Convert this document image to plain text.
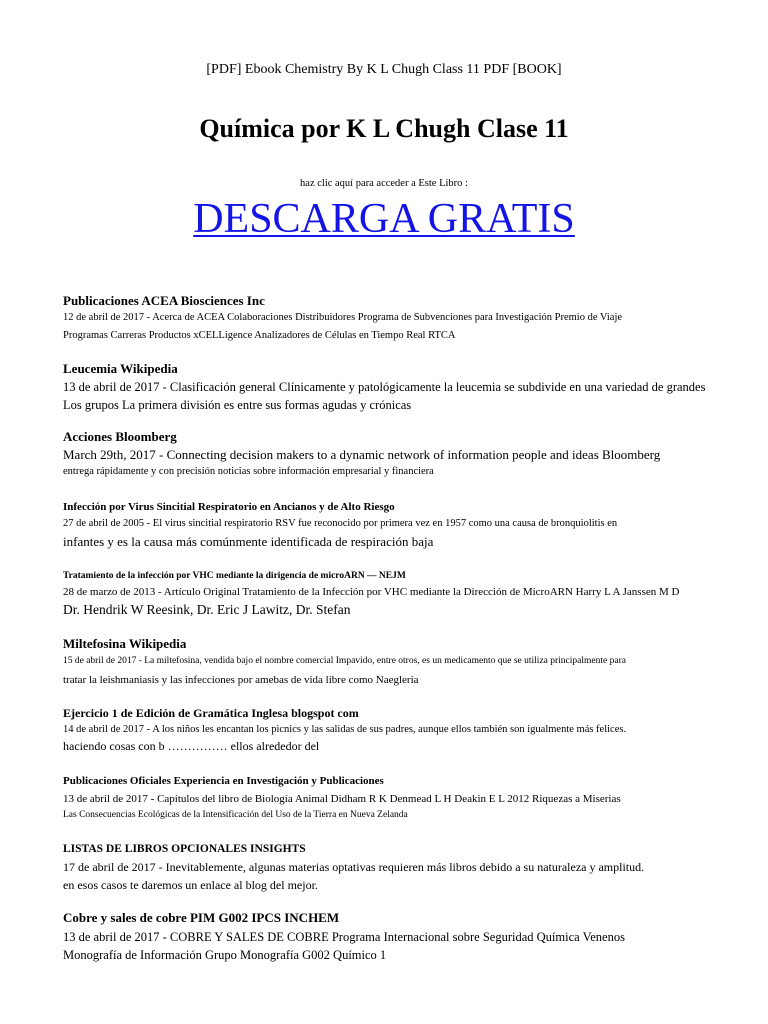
[PDF] Ebook Chemistry By K L Chugh Class 11 PDF [BOOK]
Química por K L Chugh Clase 11
haz clic aquí para acceder a Este Libro :
DESCARGA GRATIS
Publicaciones ACEA Biosciences Inc
12 de abril de 2017 - Acerca de ACEA Colaboraciones Distribuidores Programa de Subvenciones para Investigación Premio de Viaje
Programas Carreras Productos xCELLigence Analizadores de Células en Tiempo Real RTCA
Leucemia Wikipedia
13 de abril de 2017 - Clasificación general Clínicamente y patológicamente la leucemia se subdivide en una variedad de grandes
Los grupos La primera división es entre sus formas agudas y crónicas
Acciones Bloomberg
March 29th, 2017 - Connecting decision makers to a dynamic network of information people and ideas Bloomberg
entrega rápidamente y con precisión noticias sobre información empresarial y financiera
Infección por Virus Sincitial Respiratorio en Ancianos y de Alto Riesgo
27 de abril de 2005 - El virus sincitial respiratorio RSV fue reconocido por primera vez en 1957 como una causa de bronquiolitis en
infantes y es la causa más comúnmente identificada de respiración baja
Tratamiento de la infección por VHC mediante la dirigencia de microARN — NEJM
28 de marzo de 2013 - Artículo Original Tratamiento de la Infección por VHC mediante la Dirección de MicroARN Harry L A Janssen M D
Dr. Hendrik W Reesink, Dr. Eric J Lawitz, Dr. Stefan
Miltefosina Wikipedia
15 de abril de 2017 - La miltefosina, vendida bajo el nombre comercial Impavido, entre otros, es un medicamento que se utiliza principalmente para
tratar la leishmaniasis y las infecciones por amebas de vida libre como Naegleria
Ejercicio 1 de Edición de Gramática Inglesa blogspot com
14 de abril de 2017 - A los niños les encantan los picnics y las salidas de sus padres, aunque ellos también son igualmente más felices.
haciendo cosas con b …………… ellos alrededor del
Publicaciones Oficiales Experiencia en Investigación y Publicaciones
13 de abril de 2017 - Capítulos del libro de Biología Animal Didham R K Denmead L H Deakin E L 2012 Riquezas a Miserias
Las Consecuencias Ecológicas de la Intensificación del Uso de la Tierra en Nueva Zelanda
LISTAS DE LIBROS OPCIONALES INSIGHTS
17 de abril de 2017 - Inevitablemente, algunas materias optativas requieren más libros debido a su naturaleza y amplitud.
en esos casos te daremos un enlace al blog del mejor.
Cobre y sales de cobre PIM G002 IPCS INCHEM
13 de abril de 2017 - COBRE Y SALES DE COBRE Programa Internacional sobre Seguridad Química Venenos
Monografía de Información Grupo Monografía G002 Químico 1
